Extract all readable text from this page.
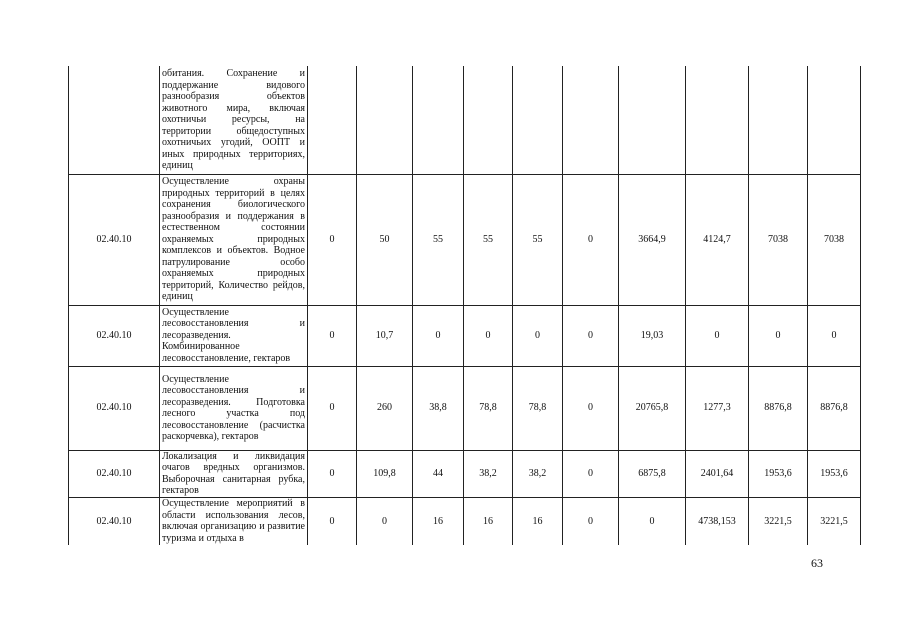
	обитания. Сохранение и поддержание видового разнообразия объектов животного мира, включая охотничьи ресурсы, на территории общедоступных охотничьих угодий, ООПТ и иных природных территориях, единиц										
02.40.10	Осуществление охраны природных территорий в целях сохранения биологического разнообразия и поддержания в естественном состоянии охраняемых природных комплексов и объектов. Водное патрулирование особо охраняемых природных территорий, Количество рейдов, единиц	0	50	55	55	55	0	3664,9	4124,7	7038	7038
02.40.10	Осуществление лесовосстановления и лесоразведения. Комбинированное лесовосстановление, гектаров	0	10,7	0	0	0	0	19,03	0	0	0
02.40.10	Осуществление лесовосстановления и лесоразведения. Подготовка лесного участка под лесовосстановление (расчистка раскорчевка), гектаров	0	260	38,8	78,8	78,8	0	20765,8	1277,3	8876,8	8876,8
02.40.10	Локализация и ликвидация очагов вредных организмов. Выборочная санитарная рубка, гектаров	0	109,8	44	38,2	38,2	0	6875,8	2401,64	1953,6	1953,6
02.40.10	Осуществление мероприятий в области использования лесов, включая организацию и развитие туризма и отдыха в	0	0	16	16	16	0	0	4738,153	3221,5	3221,5
63
